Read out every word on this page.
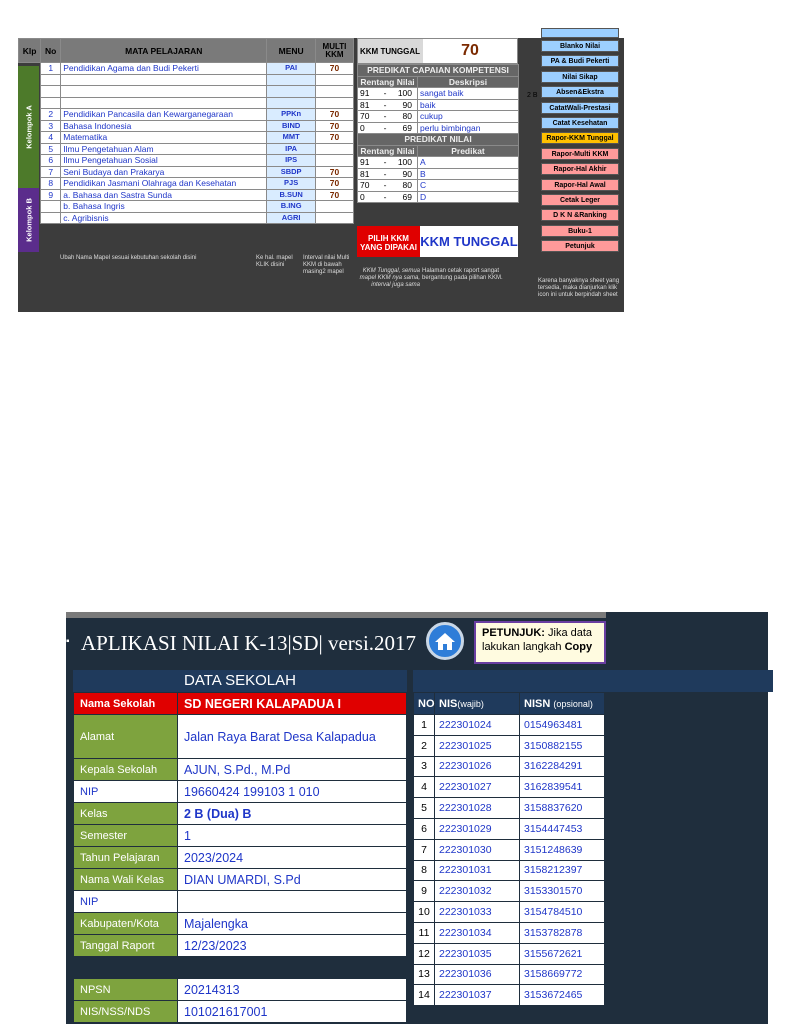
Klp	No	MATA PELAJARAN	MENU	MULTI KKM
	1	Pendidikan Agama dan Budi Pekerti	PAI	70

	2	Pendidikan Pancasila dan Kewarganegaraan	PPKn	70
	3	Bahasa Indonesia	BIND	70
	4	Matematika	MMT	70
	5	Ilmu Pengetahuan Alam	IPA	
	6	Ilmu Pengetahuan Sosial	IPS	
	7	Seni Budaya dan Prakarya	SBDP	70
	8	Pendidikan Jasmani Olahraga dan Kesehatan	PJS	70
	9	a. Bahasa dan Sastra Sunda	B.SUN	70
		b. Bahasa Ingris	B.ING	
		c. Agribisnis	AGRI	
Kelompok A
Kelompok B
Ubah Nama Mapel sesuai kebutuhan sekolah disini	Ke hal. mapel KLIK disini
Interval nilai Multi KKM di bawah masing2 mapel
KKM TUNGGAL	70
PREDIKAT CAPAIAN KOMPETENSI	
Rentang Nilai	Deskripsi
91 - 100	sangat baik
81 - 90	baik
70 - 80	cukup
0 - 69	perlu bimbingan
PREDIKAT NILAI	
Rentang Nilai	Predikat
91 - 100	A
81 - 90	B
70 - 80	C
0 - 69	D
PILIH KKM YANG DIPAKAI KKM TUNGGAL
KKM Tunggal, semua mapel KKM nya sama, interval juga sama
Halaman cetak raport sangat bergantung pada pilihan KKM.
2 B
Blanko Nilai
PA & Budi Pekerti
Nilai Sikap
Absen&Ekstra
CatatWali-Prestasi
Catat Kesehatan
Rapor-KKM Tunggal
Rapor-Multi KKM
Rapor-Hal Akhir
Rapor-Hal Awal
Cetak Leger
D K N &Ranking
Buku-1
Petunjuk
Karena banyaknya sheet yang tersedia, maka dianjurkan klik icon ini untuk berpindah sheet
▪ APLIKASI NILAI K-13|SD| versi.2017	PETUNJUK: Jika data
lakukan langkah Copy
DATA SEKOLAH
Nama Sekolah	SD NEGERI KALAPADUA I
Alamat	Jalan Raya Barat Desa Kalapadua
Kepala Sekolah	AJUN, S.Pd., M.Pd
NIP	19660424 199103 1 010
Kelas	2 B (Dua) B
Semester	1
Tahun Pelajaran	2023/2024
Nama Wali Kelas	DIAN UMARDI, S.Pd
NIP	
Kabupaten/Kota	Majalengka
Tanggal Raport	12/23/2023

NPSN	20214313
NIS/NSS/NDS	101021617001
DA
NO	NIS(wajib)	NISN (opsional)
1	222301024	0154963481
2	222301025	3150882155
3	222301026	3162284291
4	222301027	3162839541
5	222301028	3158837620
6	222301029	3154447453
7	222301030	3151248639
8	222301031	3158212397
9	222301032	3153301570
10	222301033	3154784510
11	222301034	3153782878
12	222301035	3155672621
13	222301036	3158669772
14	222301037	3153672465
